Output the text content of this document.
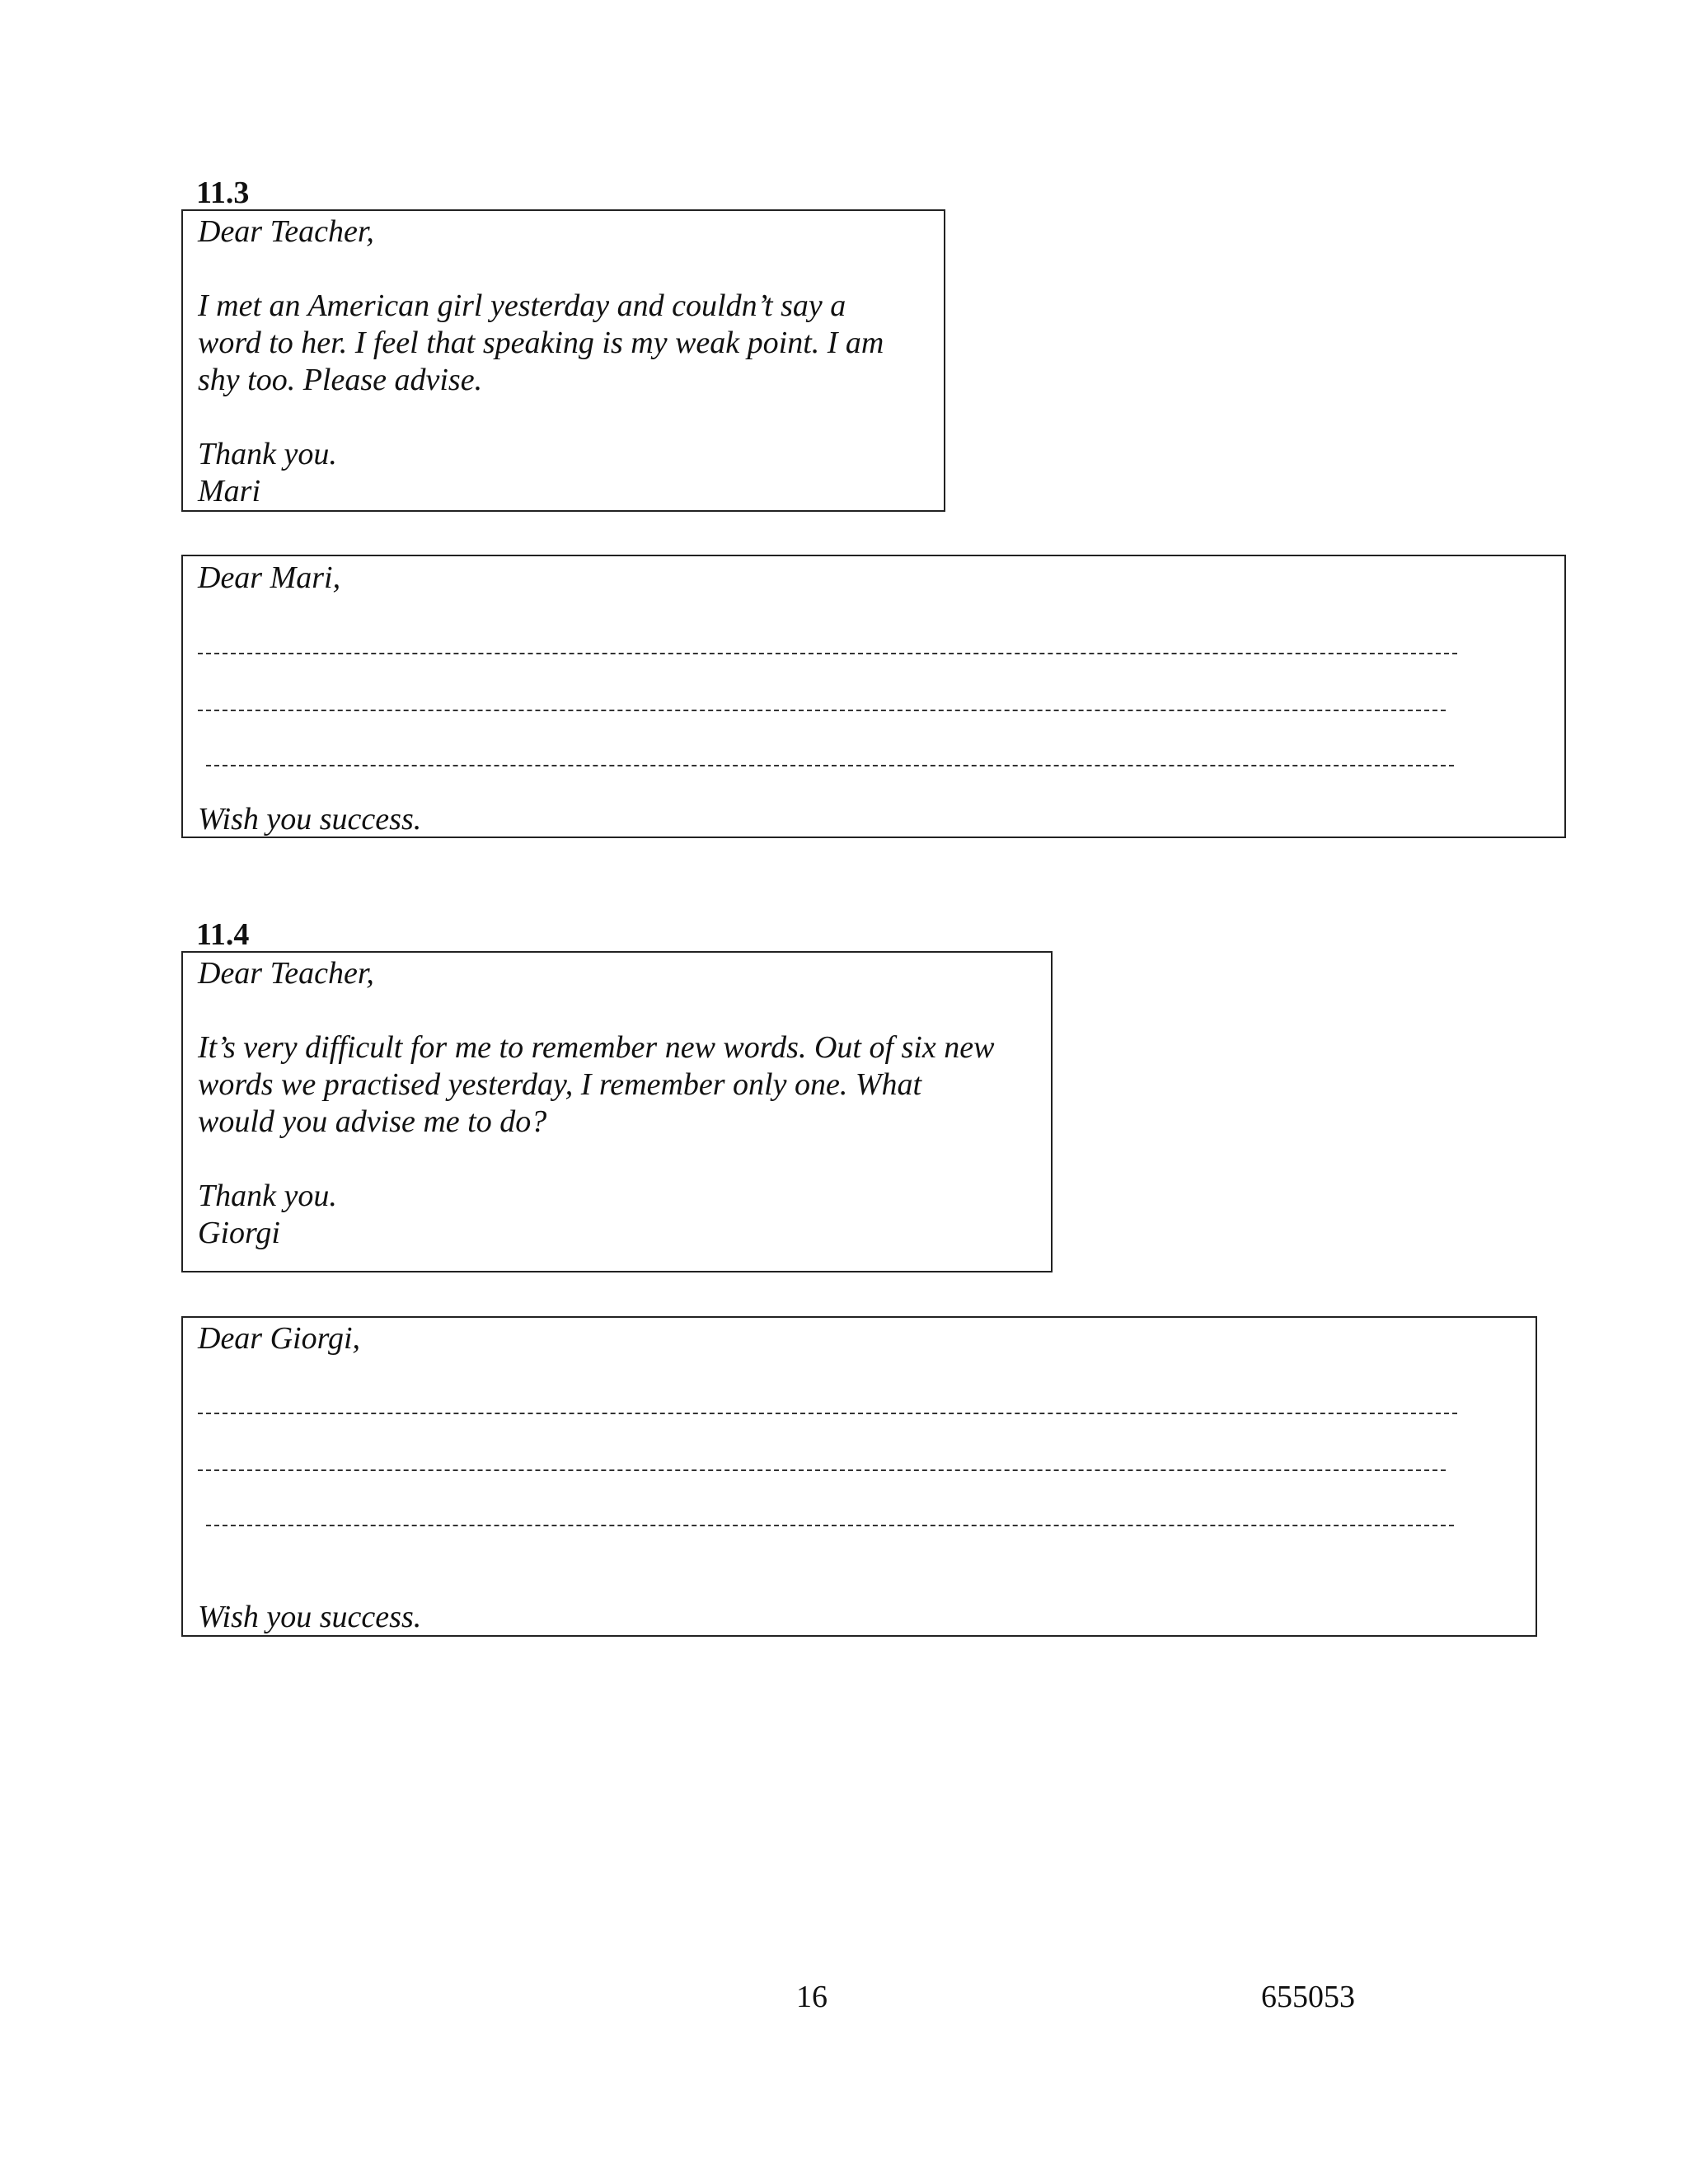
11.3
Dear Teacher,
I met an American girl yesterday and couldn’t say a
word to her. I feel that speaking is my weak point. I am
shy too. Please advise.
Thank you.
Mari
Dear Mari,
Wish you success.
11.4
Dear Teacher,
It’s very difficult for me to remember new words. Out of six new
words we practised yesterday, I remember only one. What
would you advise me to do?
Thank you.
Giorgi
Dear Giorgi,
Wish you success.
16	655053
